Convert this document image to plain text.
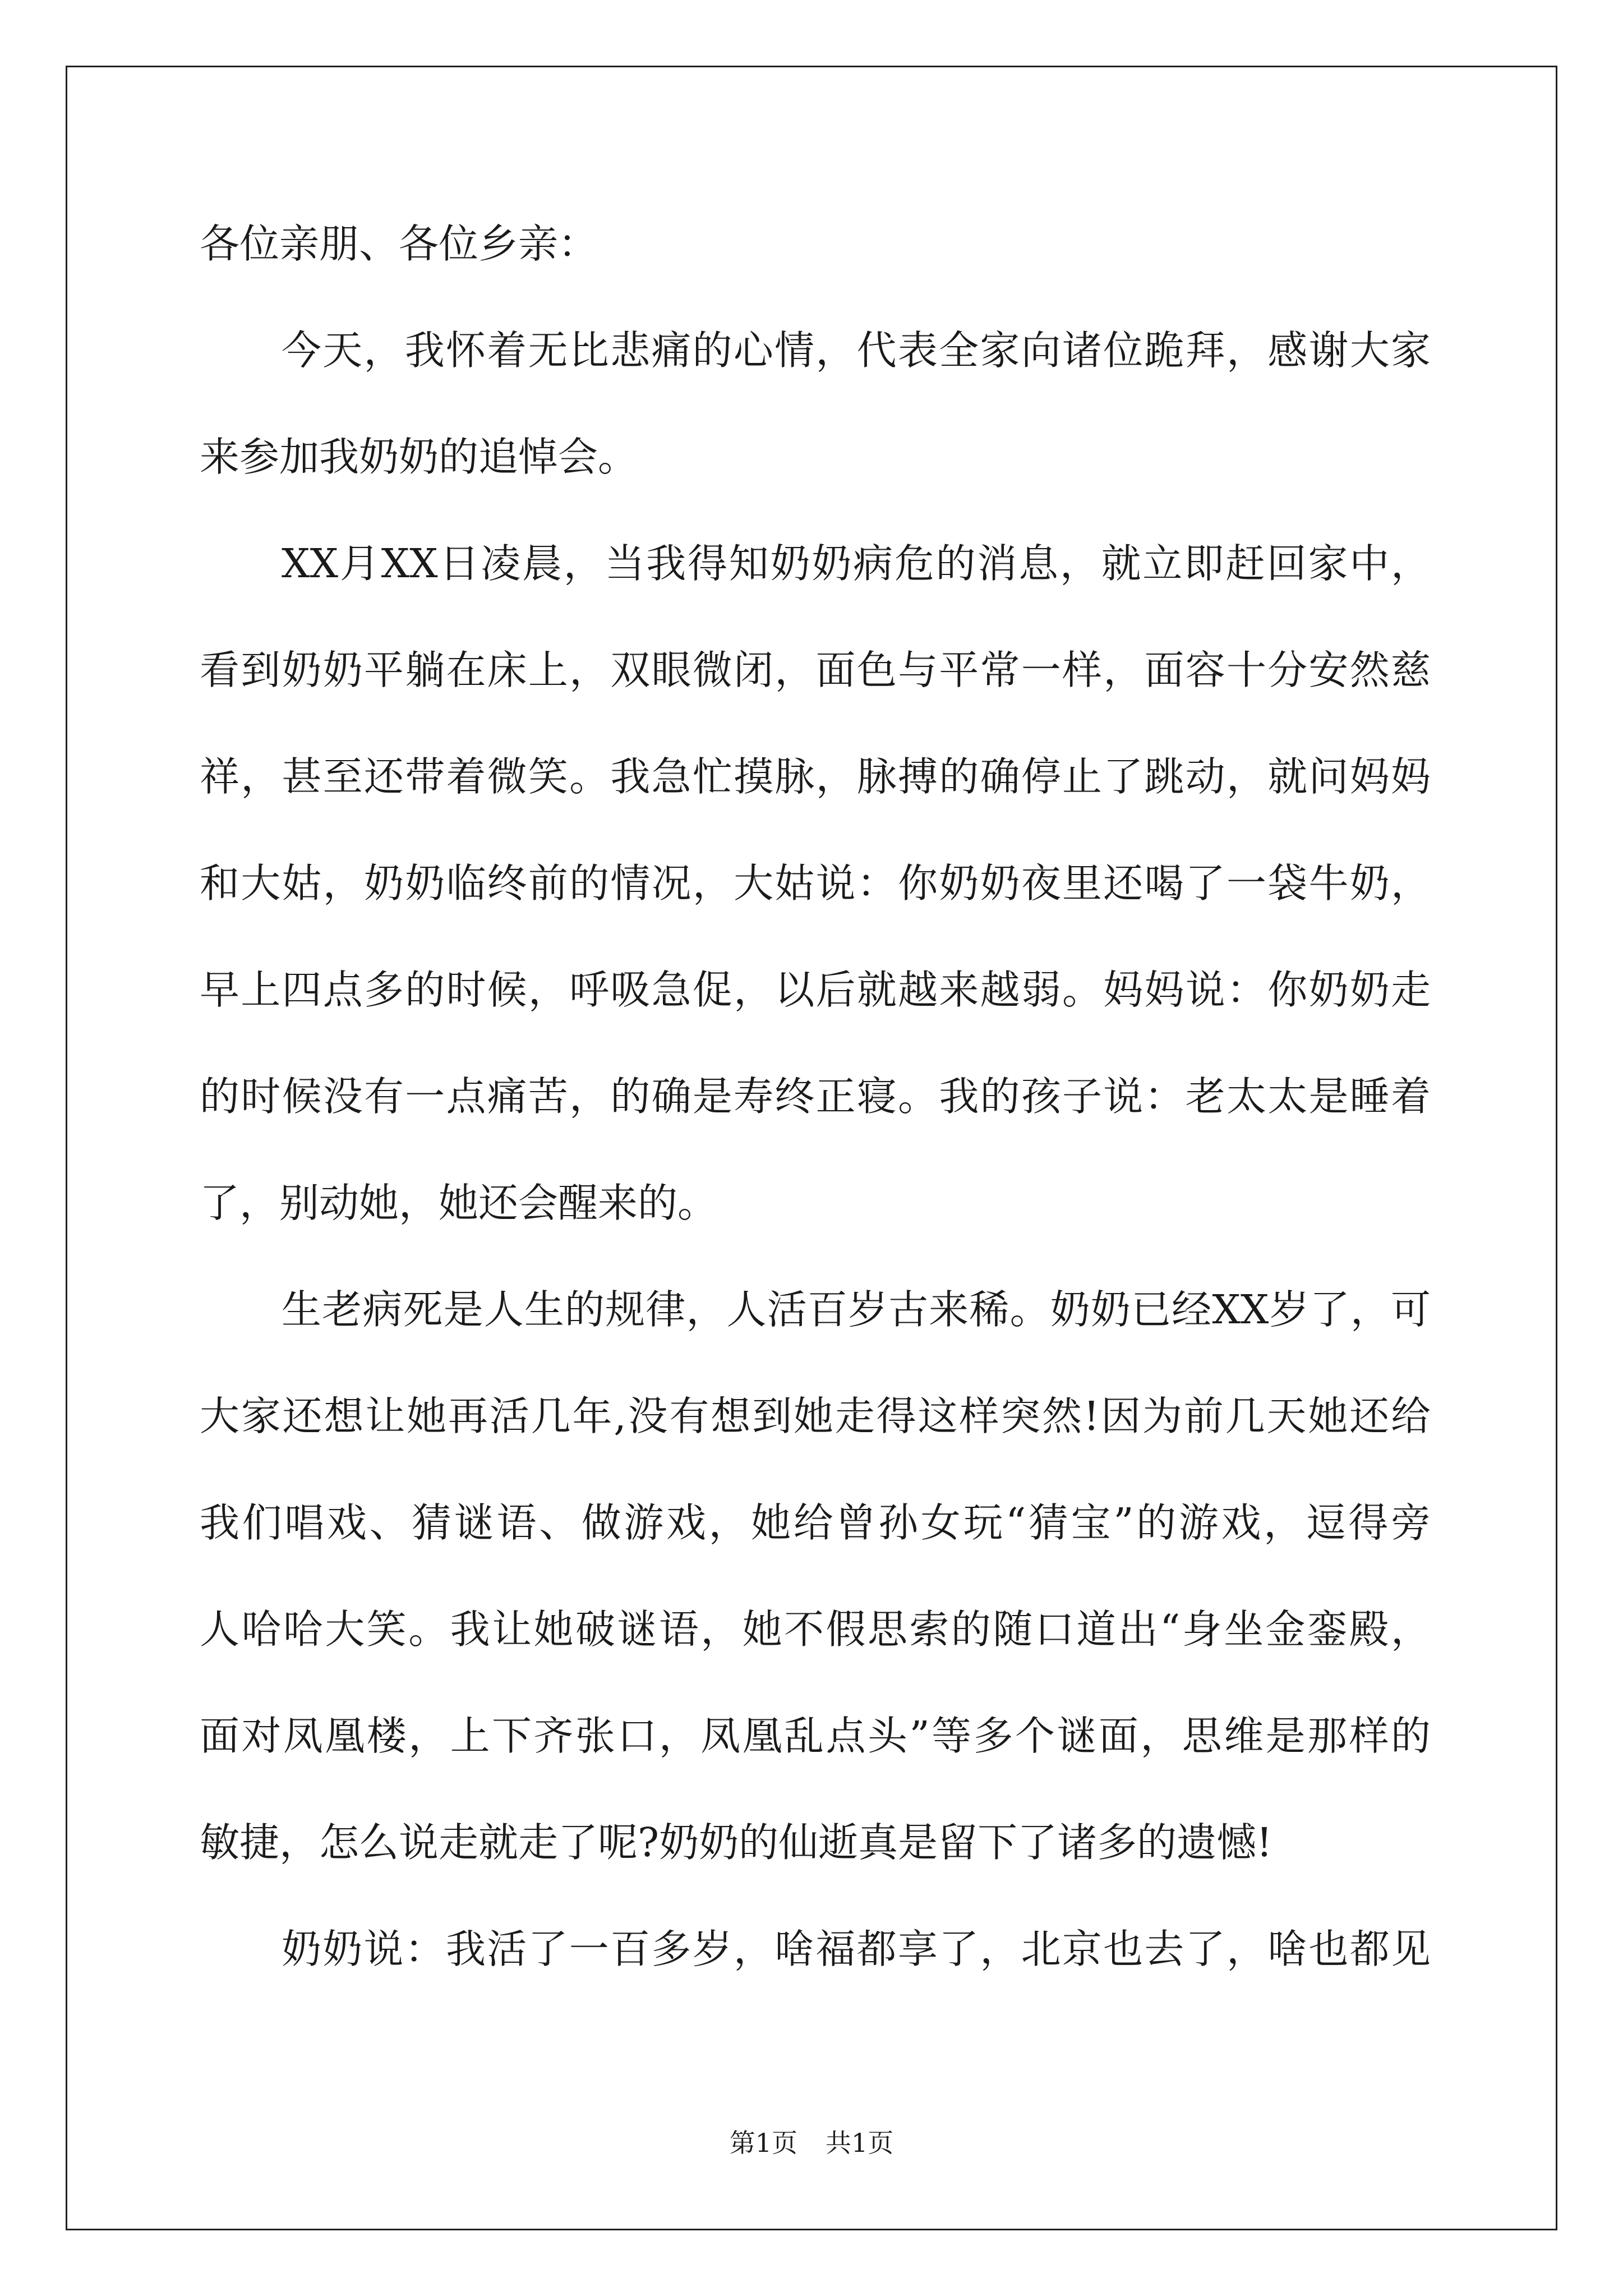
各位亲朋、各位乡亲：
今天，我怀着无比悲痛的心情，代表全家向诸位跪拜，感谢大家
来参加我奶奶的追悼会。
XX月XX日凌晨，当我得知奶奶病危的消息，就立即赶回家中，
看到奶奶平躺在床上，双眼微闭，面色与平常一样，面容十分安然慈
祥，甚至还带着微笑。我急忙摸脉，脉搏的确停止了跳动，就问妈妈
和大姑，奶奶临终前的情况，大姑说：你奶奶夜里还喝了一袋牛奶，
早上四点多的时候，呼吸急促，以后就越来越弱。妈妈说：你奶奶走
的时候没有一点痛苦，的确是寿终正寝。我的孩子说：老太太是睡着
了，别动她，她还会醒来的。
生老病死是人生的规律，人活百岁古来稀。奶奶已经XX岁了，可
大家还想让她再活几年,没有想到她走得这样突然!因为前几天她还给
我们唱戏、猜谜语、做游戏，她给曾孙女玩“猜宝”的游戏，逗得旁
人哈哈大笑。我让她破谜语，她不假思索的随口道出“身坐金銮殿，
面对凤凰楼，上下齐张口，凤凰乱点头”等多个谜面，思维是那样的
敏捷，怎么说走就走了呢?奶奶的仙逝真是留下了诸多的遗憾!
奶奶说：我活了一百多岁，啥福都享了，北京也去了，啥也都见
第1页 共1页
